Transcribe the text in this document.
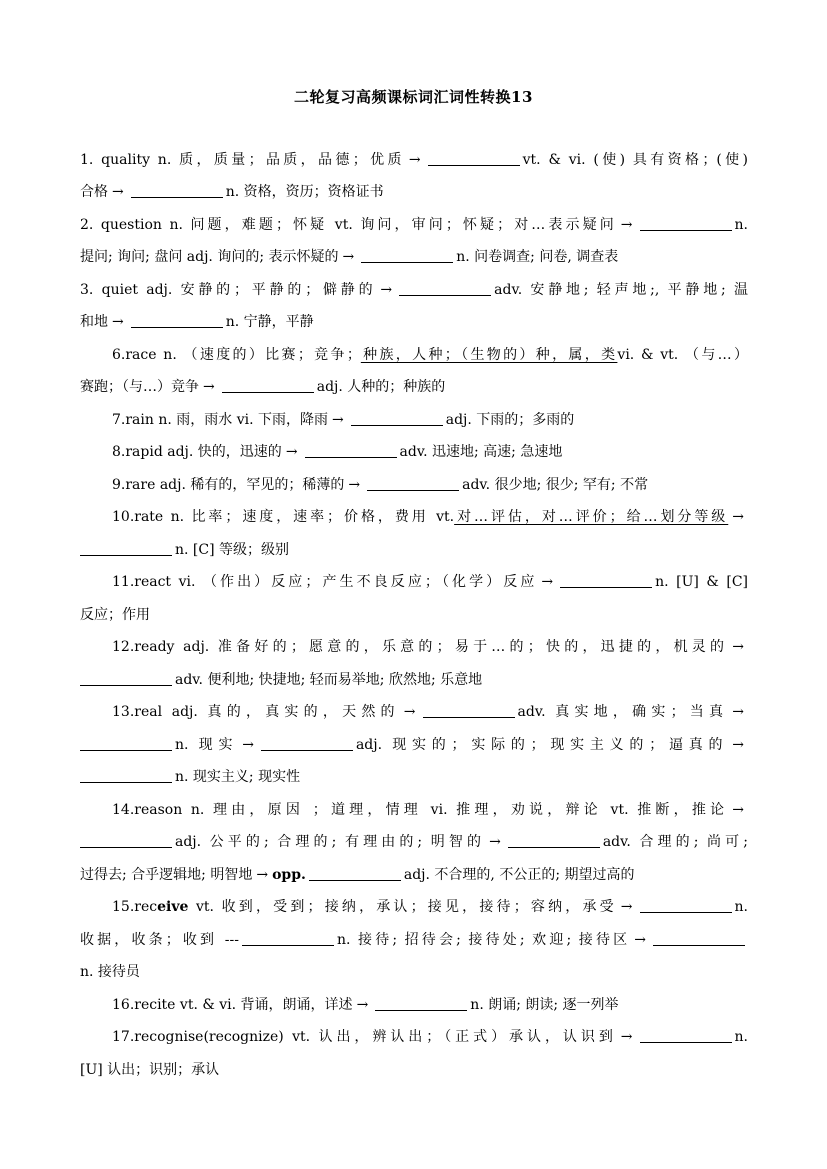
二轮复习高频课标词汇词性转换13
1. quality n. 质，质量；品质，品德；优质 →	vt. & vi. (使) 具有资格；(使)
合格 →	n. 资格，资历；资格证书
2. question n. 问题，难题；怀疑 vt. 询问，审问；怀疑；对…表示疑问 →	n.
提问; 询问; 盘问 adj. 询问的; 表示怀疑的 →	n. 问卷调查; 问卷, 调查表
3. quiet adj. 安静的；平静的；僻静的 →	adv. 安静地; 轻声地;, 平静地; 温
和地 →	n. 宁静，平静
6.race n. （速度的）比赛；竞争；种族，人种；（生物的）种，属，类vi. & vt. （与…）
赛跑；（与…）竞争 →	adj. 人种的；种族的
7.rain n. 雨，雨水 vi. 下雨，降雨 →	adj. 下雨的；多雨的
8.rapid adj. 快的，迅速的 →	adv. 迅速地; 高速; 急速地
9.rare adj. 稀有的，罕见的；稀薄的 →	adv. 很少地; 很少; 罕有; 不常
10.rate n. 比率；速度，速率；价格，费用 vt.对…评估，对…评价；给…划分等级 →
n. [C] 等级；级别
11.react vi. （作出）反应；产生不良反应；（化学）反应 →	n. [U] & [C]
反应；作用
12.ready adj. 准备好的；愿意的，乐意的；易于…的；快的，迅捷的，机灵的 →
adv. 便利地; 快捷地; 轻而易举地; 欣然地; 乐意地
13.real adj. 真的，真实的，天然的 →	adv. 真实地，确实；当真 →
n. 现实 →	adj. 现实的；实际的；现实主义的；逼真的 →
n. 现实主义; 现实性
14.reason n. 理由，原因 ；道理，情理 vi. 推理，劝说，辩论 vt. 推断，推论 →
adj. 公平的; 合理的; 有理由的; 明智的 →	adv. 合理的; 尚可;
过得去; 合乎逻辑地; 明智地 → opp.	adj. 不合理的, 不公正的; 期望过高的
15.receive vt. 收到，受到；接纳，承认；接见，接待；容纳，承受 →	n.
收据，收条；收到 ---	n. 接待; 招待会; 接待处; 欢迎; 接待区 →
n. 接待员
16.recite vt. & vi. 背诵，朗诵，详述 →	n. 朗诵; 朗读; 逐一列举
17.recognise(recognize) vt. 认出，辨认出；（正式）承认，认识到 →	n.
[U] 认出；识别；承认
